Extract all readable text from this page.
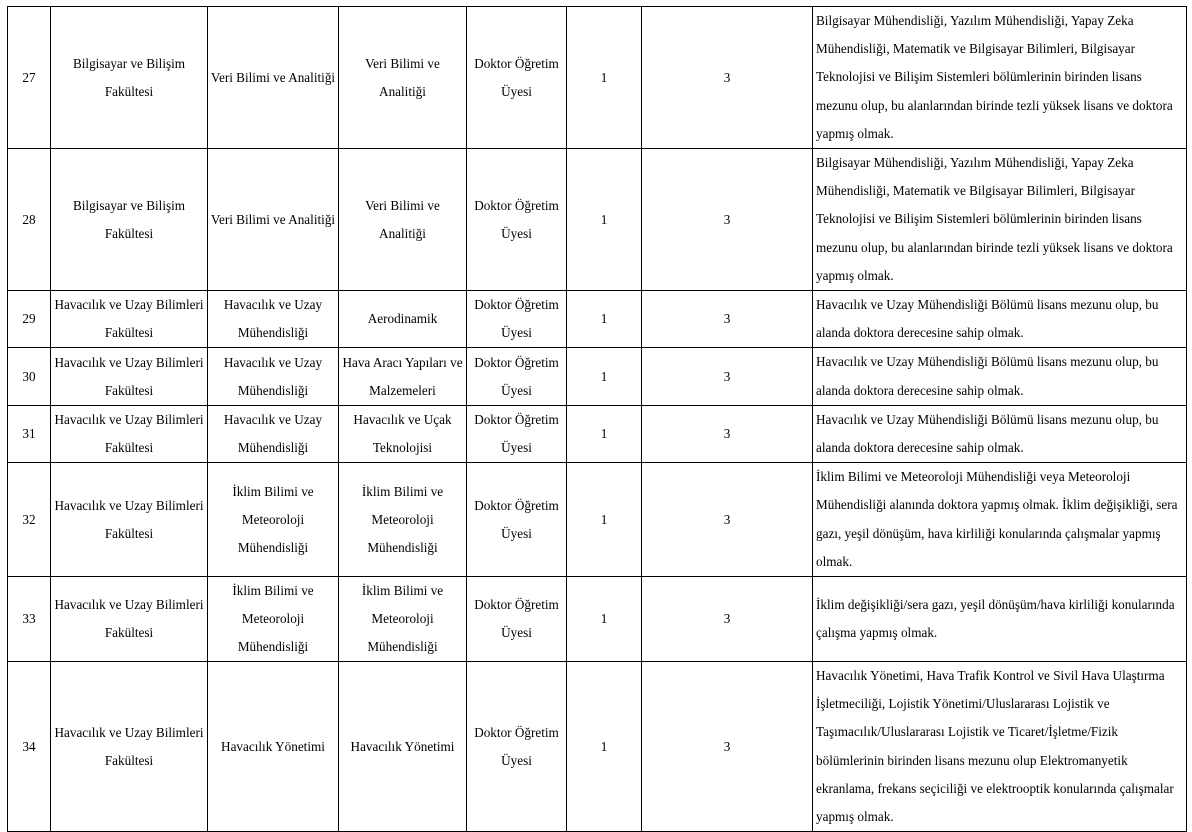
27	Bilgisayar ve Bilişim Fakültesi	Veri Bilimi ve Analitiği	Veri Bilimi ve Analitiği	Doktor Öğretim Üyesi	1	3	Bilgisayar Mühendisliği, Yazılım Mühendisliği, Yapay Zeka Mühendisliği, Matematik ve Bilgisayar Bilimleri, Bilgisayar Teknolojisi ve Bilişim Sistemleri bölümlerinin birinden lisans mezunu olup, bu alanlarından birinde tezli yüksek lisans ve doktora yapmış olmak.
28	Bilgisayar ve Bilişim Fakültesi	Veri Bilimi ve Analitiği	Veri Bilimi ve Analitiği	Doktor Öğretim Üyesi	1	3	Bilgisayar Mühendisliği, Yazılım Mühendisliği, Yapay Zeka Mühendisliği, Matematik ve Bilgisayar Bilimleri, Bilgisayar Teknolojisi ve Bilişim Sistemleri bölümlerinin birinden lisans mezunu olup, bu alanlarından birinde tezli yüksek lisans ve doktora yapmış olmak.
29	Havacılık ve Uzay Bilimleri Fakültesi	Havacılık ve Uzay Mühendisliği	Aerodinamik	Doktor Öğretim Üyesi	1	3	Havacılık ve Uzay Mühendisliği Bölümü lisans mezunu olup, bu alanda doktora derecesine sahip olmak.
30	Havacılık ve Uzay Bilimleri Fakültesi	Havacılık ve Uzay Mühendisliği	Hava Aracı Yapıları ve Malzemeleri	Doktor Öğretim Üyesi	1	3	Havacılık ve Uzay Mühendisliği Bölümü lisans mezunu olup, bu alanda doktora derecesine sahip olmak.
31	Havacılık ve Uzay Bilimleri Fakültesi	Havacılık ve Uzay Mühendisliği	Havacılık ve Uçak Teknolojisi	Doktor Öğretim Üyesi	1	3	Havacılık ve Uzay Mühendisliği Bölümü lisans mezunu olup, bu alanda doktora derecesine sahip olmak.
32	Havacılık ve Uzay Bilimleri Fakültesi	İklim Bilimi ve Meteoroloji Mühendisliği	İklim Bilimi ve Meteoroloji Mühendisliği	Doktor Öğretim Üyesi	1	3	İklim Bilimi ve Meteoroloji Mühendisliği veya Meteoroloji Mühendisliği alanında doktora yapmış olmak. İklim değişikliği, sera gazı, yeşil dönüşüm, hava kirliliği konularında çalışmalar yapmış olmak.
33	Havacılık ve Uzay Bilimleri Fakültesi	İklim Bilimi ve Meteoroloji Mühendisliği	İklim Bilimi ve Meteoroloji Mühendisliği	Doktor Öğretim Üyesi	1	3	İklim değişikliği/sera gazı, yeşil dönüşüm/hava kirliliği konularında çalışma yapmış olmak.
34	Havacılık ve Uzay Bilimleri Fakültesi	Havacılık Yönetimi	Havacılık Yönetimi	Doktor Öğretim Üyesi	1	3	Havacılık Yönetimi, Hava Trafik Kontrol ve Sivil Hava Ulaştırma İşletmeciliği, Lojistik Yönetimi/Uluslararası Lojistik ve Taşımacılık/Uluslararası Lojistik ve Ticaret/İşletme/Fizik bölümlerinin birinden lisans mezunu olup Elektromanyetik ekranlama, frekans seçiciliği ve elektrooptik konularında çalışmalar yapmış olmak.
